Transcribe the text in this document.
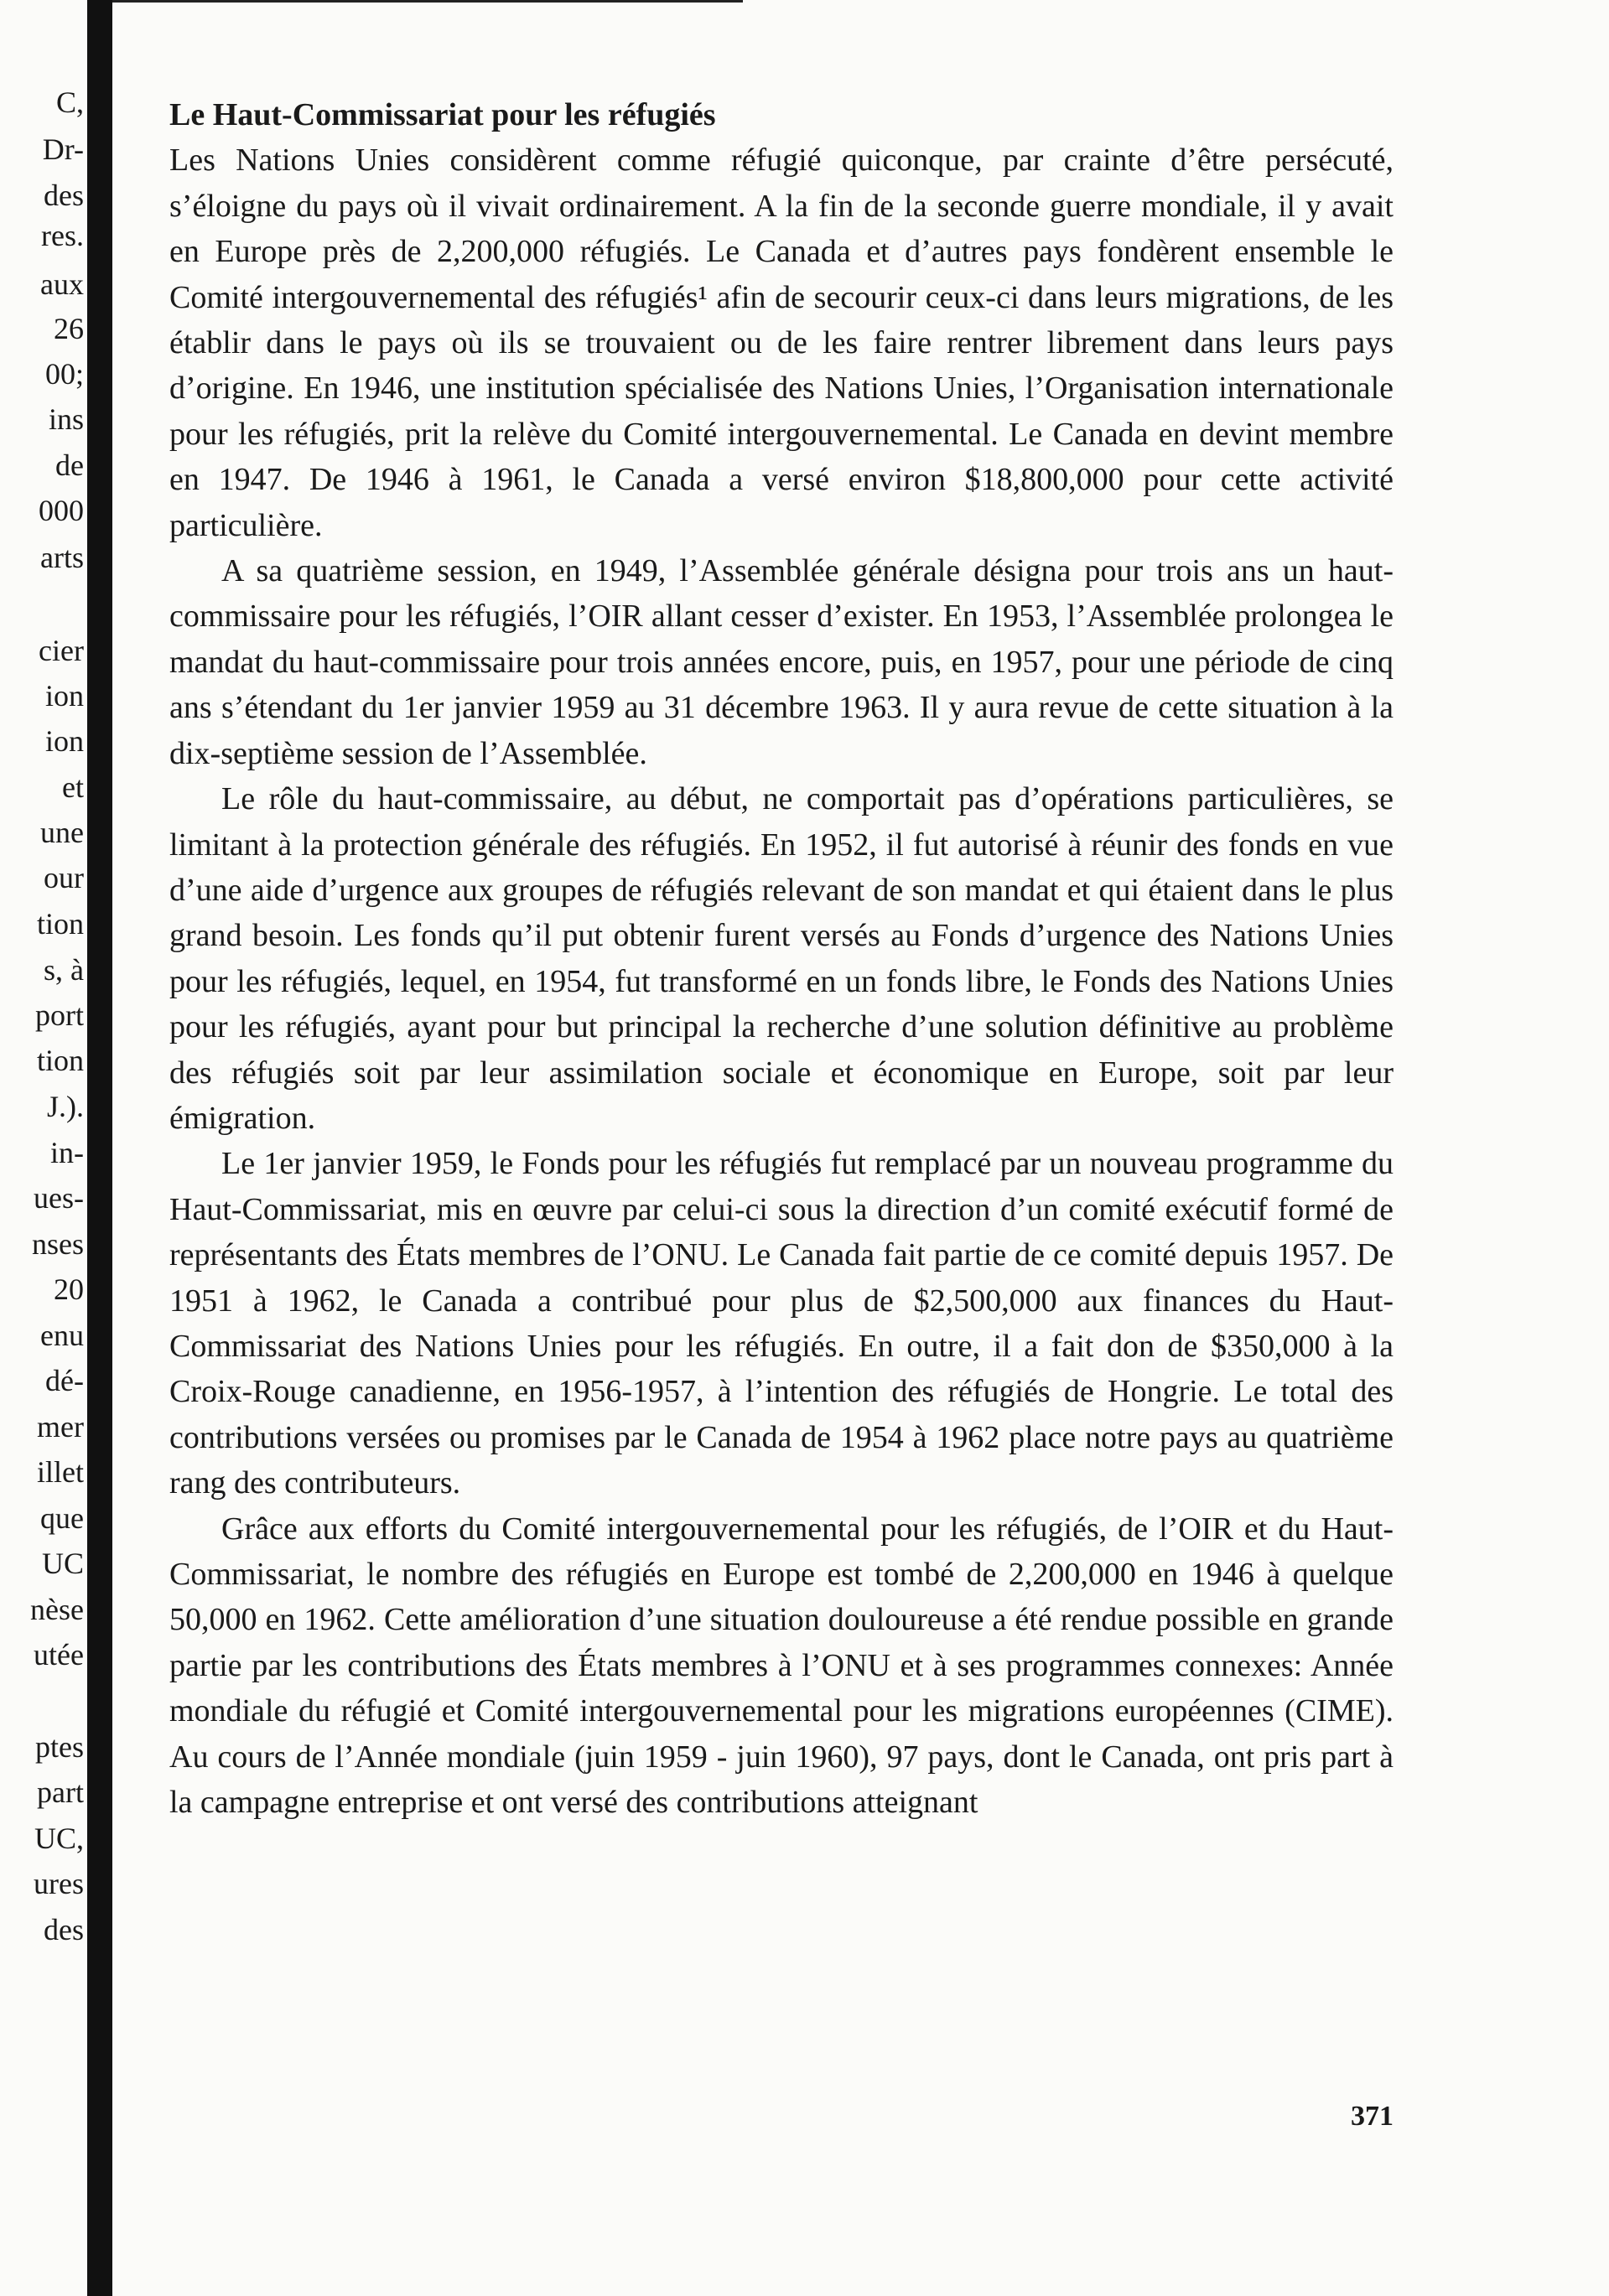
C,
Dr-
des
res.
aux
26
00;
ins
de
000
arts
cier
ion
ion
et
une
our
tion
s, à
port
tion
J.).
in-
ues-
nses
20
enu
dé-
mer
illet
que
UC
nèse
utée
ptes
part
UC,
ures
des
Le Haut-Commissariat pour les réfugiés

Les Nations Unies considèrent comme réfugié quiconque, par crainte d’être persécuté, s’éloigne du pays où il vivait ordinairement. A la fin de la seconde guerre mondiale, il y avait en Europe près de 2,200,000 réfugiés. Le Canada et d’autres pays fondèrent ensemble le Comité intergouvernemental des réfugiés¹ afin de secourir ceux-ci dans leurs migrations, de les établir dans le pays où ils se trouvaient ou de les faire rentrer librement dans leurs pays d’origine. En 1946, une institution spécialisée des Nations Unies, l’Organisation internationale pour les réfugiés, prit la relève du Comité intergouvernemental. Le Canada en devint membre en 1947. De 1946 à 1961, le Canada a versé environ $18,800,000 pour cette activité particulière.

A sa quatrième session, en 1949, l’Assemblée générale désigna pour trois ans un haut-commissaire pour les réfugiés, l’OIR allant cesser d’exister. En 1953, l’Assemblée prolongea le mandat du haut-commissaire pour trois années encore, puis, en 1957, pour une période de cinq ans s’étendant du 1er janvier 1959 au 31 décembre 1963. Il y aura revue de cette situation à la dix-septième session de l’Assemblée.

Le rôle du haut-commissaire, au début, ne comportait pas d’opérations particulières, se limitant à la protection générale des réfugiés. En 1952, il fut autorisé à réunir des fonds en vue d’une aide d’urgence aux groupes de réfugiés relevant de son mandat et qui étaient dans le plus grand besoin. Les fonds qu’il put obtenir furent versés au Fonds d’urgence des Nations Unies pour les réfugiés, lequel, en 1954, fut transformé en un fonds libre, le Fonds des Nations Unies pour les réfugiés, ayant pour but principal la recherche d’une solution définitive au problème des réfugiés soit par leur assimilation sociale et économique en Europe, soit par leur émigration.

Le 1er janvier 1959, le Fonds pour les réfugiés fut remplacé par un nouveau programme du Haut-Commissariat, mis en œuvre par celui-ci sous la direction d’un comité exécutif formé de représentants des États membres de l’ONU. Le Canada fait partie de ce comité depuis 1957. De 1951 à 1962, le Canada a contribué pour plus de $2,500,000 aux finances du Haut-Commissariat des Nations Unies pour les réfugiés. En outre, il a fait don de $350,000 à la Croix-Rouge canadienne, en 1956-1957, à l’intention des réfugiés de Hongrie. Le total des contributions versées ou promises par le Canada de 1954 à 1962 place notre pays au quatrième rang des contributeurs.

Grâce aux efforts du Comité intergouvernemental pour les réfugiés, de l’OIR et du Haut-Commissariat, le nombre des réfugiés en Europe est tombé de 2,200,000 en 1946 à quelque 50,000 en 1962. Cette amélioration d’une situation douloureuse a été rendue possible en grande partie par les contributions des États membres à l’ONU et à ses programmes connexes: Année mondiale du réfugié et Comité intergouvernemental pour les migrations européennes (CIME). Au cours de l’Année mondiale (juin 1959 - juin 1960), 97 pays, dont le Canada, ont pris part à la campagne entreprise et ont versé des contributions atteignant

371
